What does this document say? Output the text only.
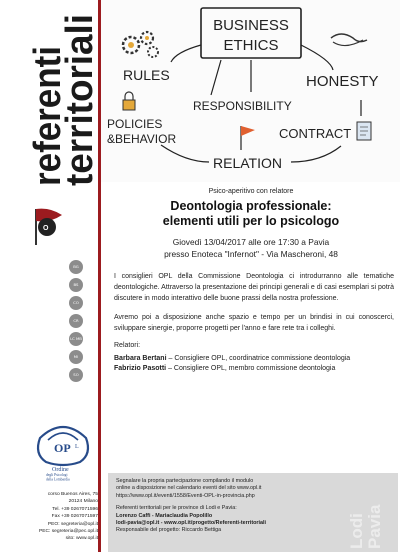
referenti
territoriali
O
BG
BS
CO
CR
LC MB
MI
SO
OP L
Ordine
degli Psicologi
della Lombardia
corso Buenos Aires, 75
20124 Milano
Tel. +39 0267071596
Fax +39 0267071597
PEO: segreteria@opl.it
PEC: segreteria@pec.opl.it
sito: www.opl.it
BUSINESS
ETHICS
RULES	HONESTY
POLICIES
&BEHAVIOR
RESPONSIBILITY
CONTRACT
RELATION
Psico-aperitivo con relatore
Deontologia professionale:
elementi utili per lo psicologo
Giovedì 13/04/2017 alle ore 17:30 a Pavia
presso Enoteca "Infernot" - Via Mascheroni, 48

I consiglieri OPL della Commissione Deontologia ci introdurranno alle tematiche deontologiche. Attraverso la presentazione dei principi generali e di casi esemplari si potrà discutere in modo interattivo delle buone prassi della nostra professione.

Avremo poi a disposizione anche spazio e tempo per un brindisi in cui conoscerci, sviluppare sinergie, proporre progetti per l'anno e fare rete tra i colleghi.

Relatori:
Barbara Bertani – Consigliere OPL, coordinatrice commissione deontologia
Fabrizio Pasotti – Consigliere OPL, membro commissione deontologia
Segnalare la propria partecipazione compilando il modulo
online a disposizione nel calendario eventi del sito www.opl.it
https://www.opl.it/eventi/1558/Eventi-OPL-in-provincia.php
Referenti territoriali per le province di Lodi e Pavia:
Lorenzo Caffi - Mariaclaudia Popolillo
lodi-pavia@opl.it - www.opl.it/progetto/Referenti-territoriali
Responsabile del progetto: Riccardo Bettiga	Lodi Pavia
